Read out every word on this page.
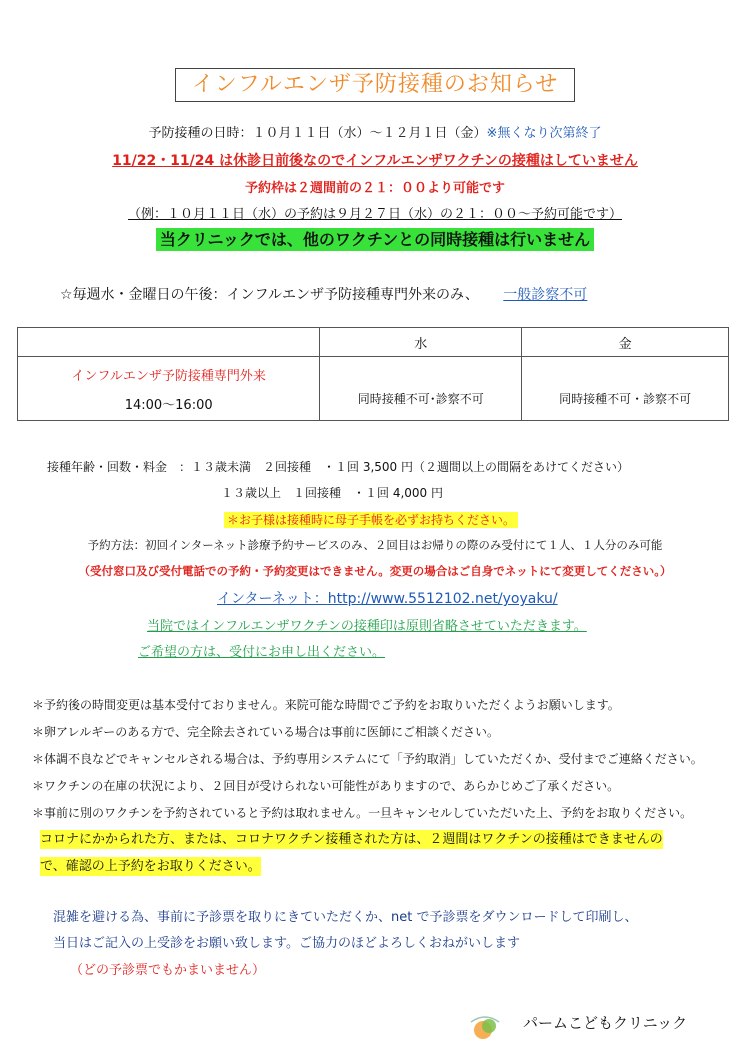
インフルエンザ予防接種のお知らせ
予防接種の日時：１０月１１日（水）～１２月１日（金）※無くなり次第終了
11/22・11/24 は休診日前後なのでインフルエンザワクチンの接種はしていません
予約枠は２週間前の２１：００より可能です
（例：１０月１１日（水）の予約は９月２７日（水）の２１：００～予約可能です）
当クリニックでは、他のワクチンとの同時接種は行いません
☆毎週水・金曜日の午後：インフルエンザ予防接種専門外来のみ、 一般診察不可
	水	金

インフルエンザ予防接種専門外来
14:00～16:00	同時接種不可･診察不可	同時接種不可・診察不可
接種年齢・回数・料金　：１３歳未満　２回接種　・１回 3,500 円（２週間以上の間隔をあけてください）
１３歳以上　１回接種　・１回 4,000 円
＊お子様は接種時に母子手帳を必ずお持ちください。
予約方法：初回インターネット診療予約サービスのみ、２回目はお帰りの際のみ受付にて１人、１人分のみ可能
（受付窓口及び受付電話での予約・予約変更はできません。変更の場合はご自身でネットにて変更してください。）
インターネット：http://www.5512102.net/yoyaku/
当院ではインフルエンザワクチンの接種印は原則省略させていただきます。
ご希望の方は、受付にお申し出ください。
＊予約後の時間変更は基本受付ておりません。来院可能な時間でご予約をお取りいただくようお願いします。
＊卵アレルギーのある方で、完全除去されている場合は事前に医師にご相談ください。
＊体調不良などでキャンセルされる場合は、予約専用システムにて「予約取消」していただくか、受付までご連絡ください。
＊ワクチンの在庫の状況により、２回目が受けられない可能性がありますので、あらかじめご了承ください。
＊事前に別のワクチンを予約されていると予約は取れません。一旦キャンセルしていただいた上、予約をお取りください。
コロナにかかられた方、または、コロナワクチン接種された方は、２週間はワクチンの接種はできませんの
で、確認の上予約をお取りください。
混雑を避ける為、事前に予診票を取りにきていただくか、net で予診票をダウンロードして印刷し、
当日はご記入の上受診をお願い致します。ご協力のほどよろしくおねがいします
（どの予診票でもかまいません）
パームこどもクリニック
